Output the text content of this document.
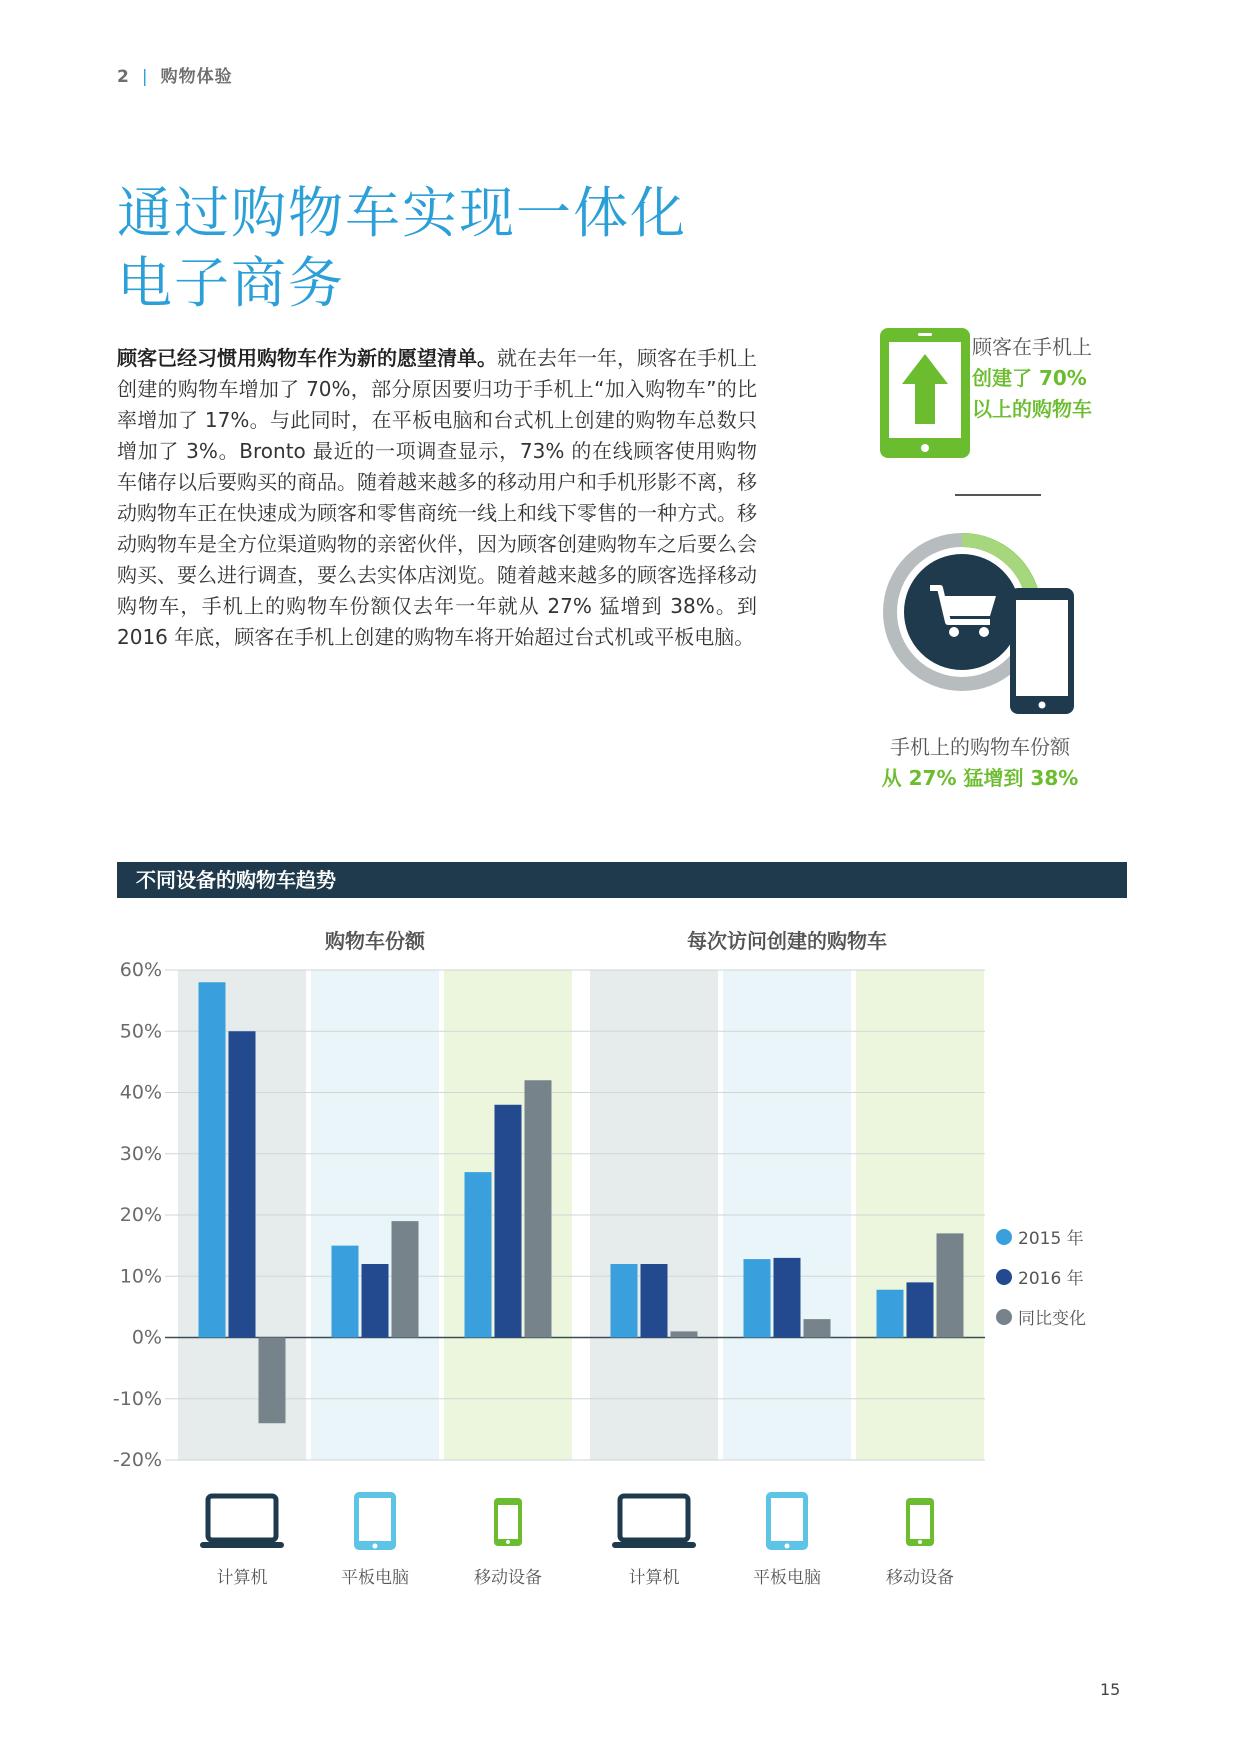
2 | 购物体验
通过购物车实现一体化
电子商务

顾客已经习惯用购物车作为新的愿望清单。就在去年一年，顾客在手机上创建的购物车增加了 70%，部分原因要归功于手机上“加入购物车”的比率增加了 17%。与此同时，在平板电脑和台式机上创建的购物车总数只增加了 3%。Bronto 最近的一项调查显示，73% 的在线顾客使用购物车储存以后要购买的商品。随着越来越多的移动用户和手机形影不离，移动购物车正在快速成为顾客和零售商统一线上和线下零售的一种方式。移动购物车是全方位渠道购物的亲密伙伴，因为顾客创建购物车之后要么会购买、要么进行调查，要么去实体店浏览。随着越来越多的顾客选择移动购物车，手机上的购物车份额仅去年一年就从 27% 猛增到 38%。到 2016 年底，顾客在手机上创建的购物车将开始超过台式机或平板电脑。

顾客在手机上
创建了 70%
以上的购物车
手机上的购物车份额
从 27% 猛增到 38%
不同设备的购物车趋势
-20%
-10%
0%
10%
20%
30%
40%
50%
60%
购物车份额	每次访问创建的购物车
计算机	平板电脑	移动设备	计算机	平板电脑	移动设备
2015 年
2016 年
同比变化
15
